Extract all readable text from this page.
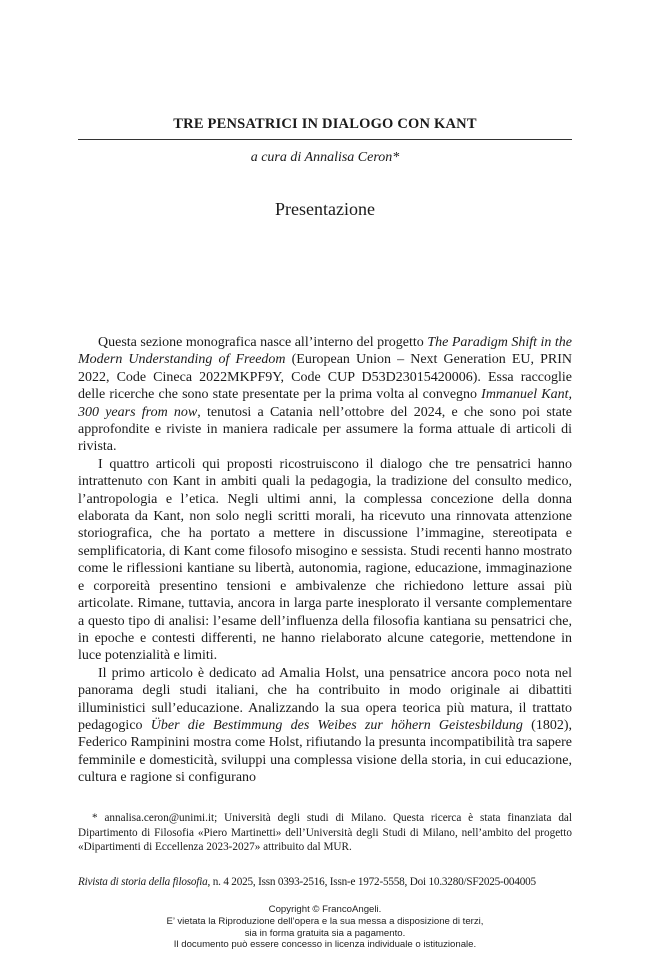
TRE PENSATRICI IN DIALOGO CON KANT
a cura di Annalisa Ceron*
Presentazione

Questa sezione monografica nasce all’interno del progetto The Paradigm Shift in the Modern Understanding of Freedom (European Union – Next Generation EU, PRIN 2022, Code Cineca 2022MKPF9Y, Code CUP D53D23015420006). Essa raccoglie delle ricerche che sono state presentate per la prima volta al convegno Immanuel Kant, 300 years from now, tenutosi a Catania nell’ottobre del 2024, e che sono poi state approfondite e riviste in maniera radicale per assumere la forma attuale di articoli di rivista.

I quattro articoli qui proposti ricostruiscono il dialogo che tre pensatrici hanno intrattenuto con Kant in ambiti quali la pedagogia, la tradizione del consulto medico, l’antropologia e l’etica. Negli ultimi anni, la complessa concezione della donna elaborata da Kant, non solo negli scritti morali, ha ricevuto una rinnovata attenzione storiografica, che ha portato a mettere in discussione l’immagine, stereotipata e semplificatoria, di Kant come filosofo misogino e sessista. Studi recenti hanno mostrato come le riflessioni kantiane su libertà, autonomia, ragione, educazione, immaginazione e corporeità presentino tensioni e ambivalenze che richiedono letture assai più articolate. Rimane, tuttavia, ancora in larga parte inesplorato il versante complementare a questo tipo di analisi: l’esame dell’influenza della filosofia kantiana su pensatrici che, in epoche e contesti differenti, ne hanno rielaborato alcune categorie, mettendone in luce potenzialità e limiti.

Il primo articolo è dedicato ad Amalia Holst, una pensatrice ancora poco nota nel panorama degli studi italiani, che ha contribuito in modo originale ai dibattiti illuministici sull’educazione. Analizzando la sua opera teorica più matura, il trattato pedagogico Über die Bestimmung des Weibes zur höhern Geistesbildung (1802), Federico Rampinini mostra come Holst, rifiutando la presunta incompatibilità tra sapere femminile e domesticità, sviluppi una complessa visione della storia, in cui educazione, cultura e ragione si configurano

* annalisa.ceron@unimi.it; Università degli studi di Milano. Questa ricerca è stata finanziata dal Dipartimento di Filosofia «Piero Martinetti» dell’Università degli Studi di Milano, nell’ambito del progetto «Dipartimenti di Eccellenza 2023-2027» attribuito dal MUR.

Rivista di storia della filosofia, n. 4 2025, Issn 0393-2516, Issn-e 1972-5558, Doi 10.3280/SF2025-004005
Copyright © FrancoAngeli.
E’ vietata la Riproduzione dell’opera e la sua messa a disposizione di terzi,
sia in forma gratuita sia a pagamento.
Il documento può essere concesso in licenza individuale o istituzionale.
